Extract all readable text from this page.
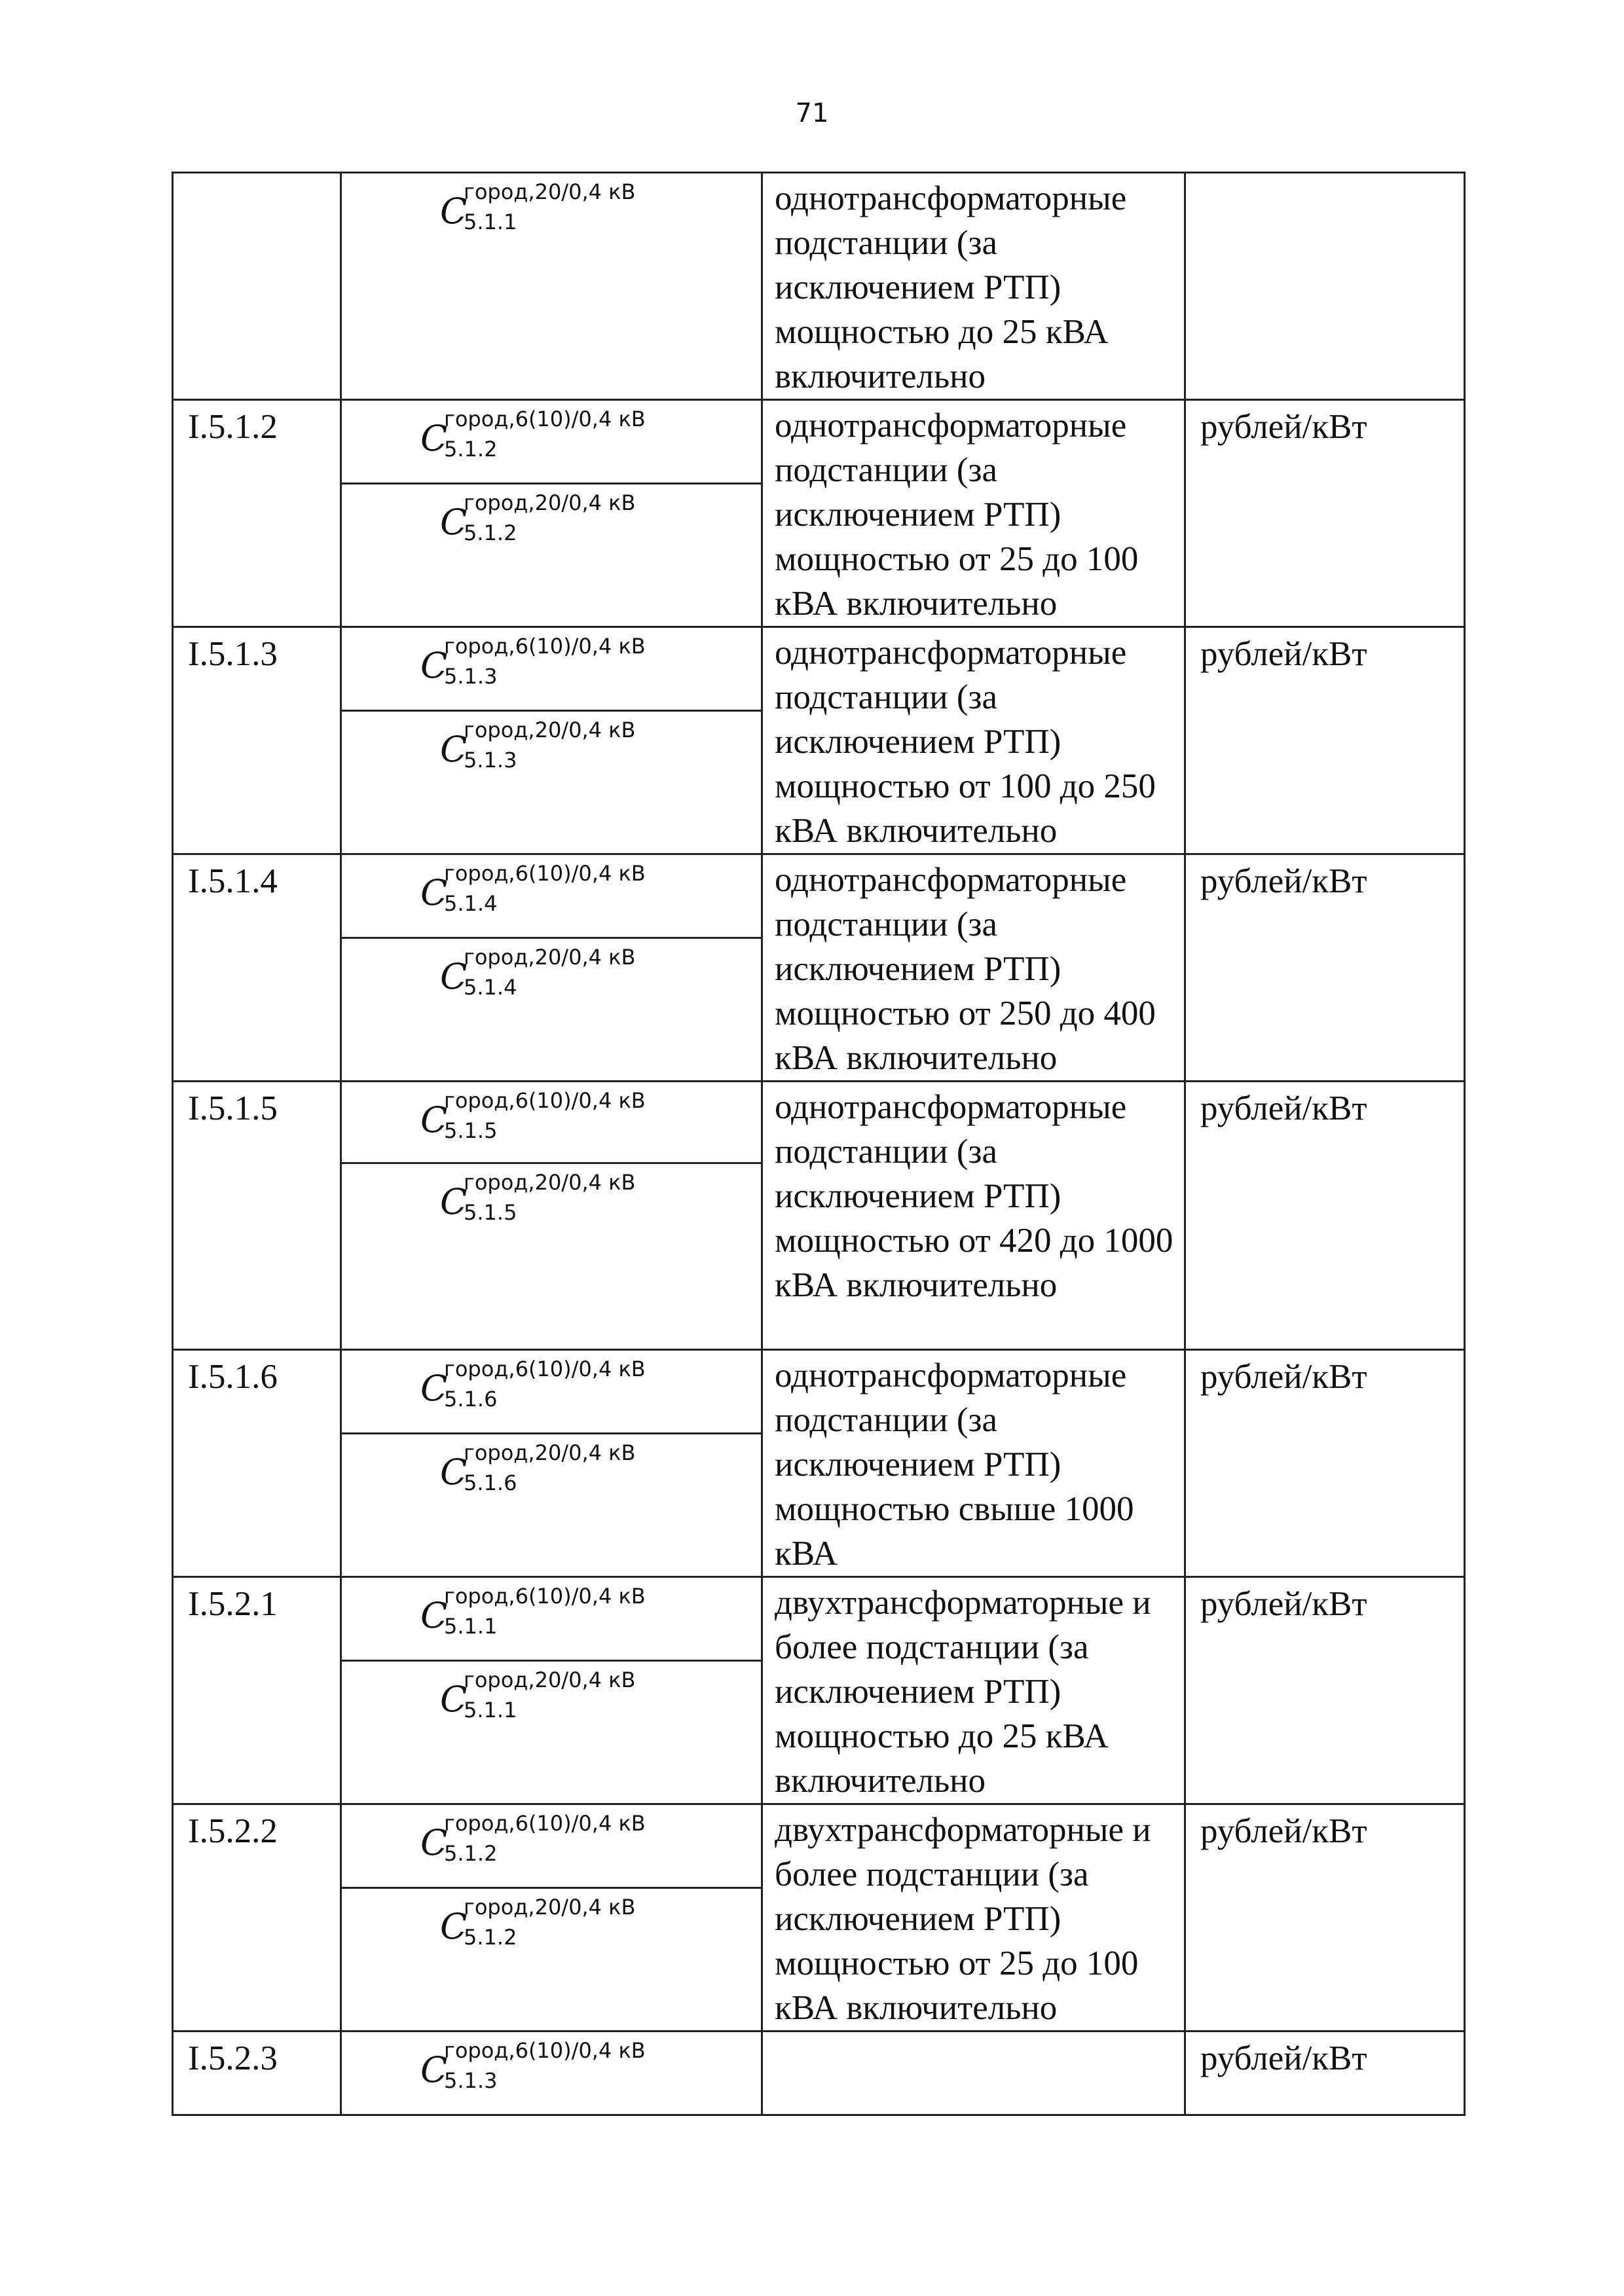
71

	C
город,20/0,4 кВ
5.1.1	однотрансформаторные подстанции (за исключением РТП) мощностью до 25 кВА включительно	

I.5.1.2	C
город,6(10)/0,4 кВ
5.1.2	однотрансформаторные подстанции (за исключением РТП) мощностью от 25 до 100 кВА включительно	рублей/кВт

	C
город,20/0,4 кВ
5.1.2		

I.5.1.3	C
город,6(10)/0,4 кВ
5.1.3	однотрансформаторные подстанции (за исключением РТП) мощностью от 100 до 250 кВА включительно	рублей/кВт

	C
город,20/0,4 кВ
5.1.3		

I.5.1.4	C
город,6(10)/0,4 кВ
5.1.4	однотрансформаторные подстанции (за исключением РТП) мощностью от 250 до 400 кВА включительно	рублей/кВт

	C
город,20/0,4 кВ
5.1.4		

I.5.1.5	C
город,6(10)/0,4 кВ
5.1.5	однотрансформаторные подстанции (за исключением РТП) мощностью от 420 до 1000 кВА включительно	рублей/кВт

	C
город,20/0,4 кВ
5.1.5		

I.5.1.6	C
город,6(10)/0,4 кВ
5.1.6	однотрансформаторные подстанции (за исключением РТП) мощностью свыше 1000 кВА	рублей/кВт

	C
город,20/0,4 кВ
5.1.6		

I.5.2.1	C
город,6(10)/0,4 кВ
5.1.1	двухтрансформаторные и более подстанции (за исключением РТП) мощностью до 25 кВА включительно	рублей/кВт

	C
город,20/0,4 кВ
5.1.1		

I.5.2.2	C
город,6(10)/0,4 кВ
5.1.2	двухтрансформаторные и более подстанции (за исключением РТП) мощностью от 25 до 100 кВА включительно	рублей/кВт

	C
город,20/0,4 кВ
5.1.2		

I.5.2.3	C
город,6(10)/0,4 кВ
5.1.3		рублей/кВт
